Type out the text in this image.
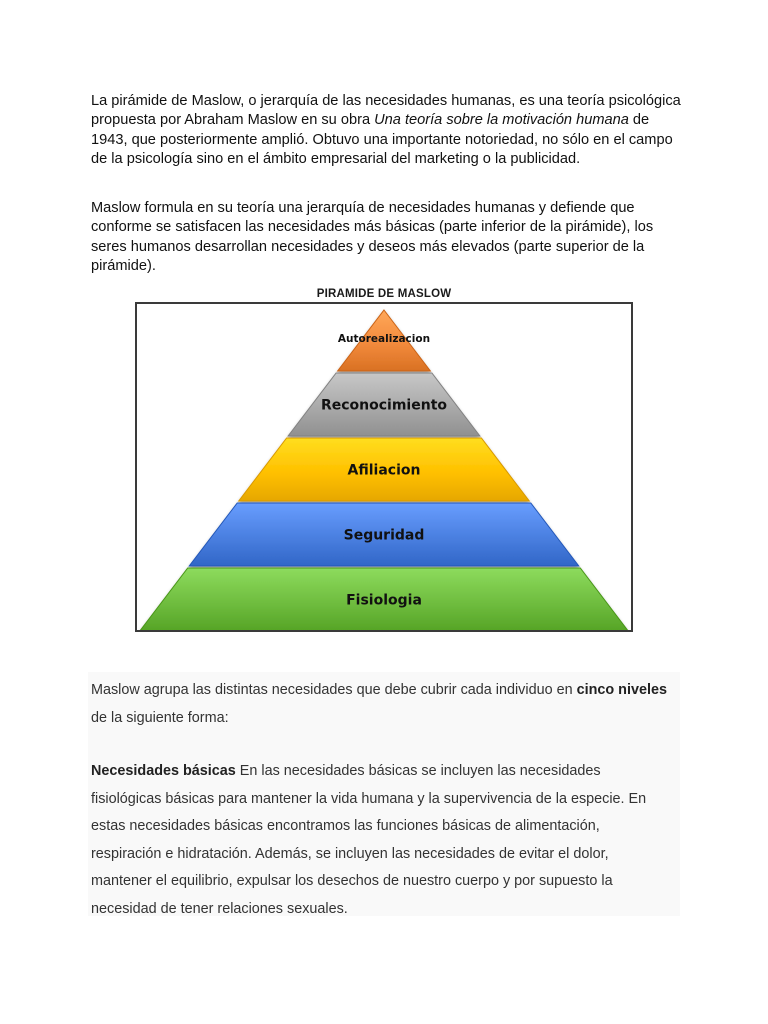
La pirámide de Maslow, o jerarquía de las necesidades humanas, es una teoría psicológica propuesta por Abraham Maslow en su obra Una teoría sobre la motivación humana de 1943, que posteriormente amplió. Obtuvo una importante notoriedad, no sólo en el campo de la psicología sino en el ámbito empresarial del marketing o la publicidad.

Maslow formula en su teoría una jerarquía de necesidades humanas y defiende que conforme se satisfacen las necesidades más básicas (parte inferior de la pirámide), los seres humanos desarrollan necesidades y deseos más elevados (parte superior de la pirámide).

PIRAMIDE DE MASLOW
Autorealizacion
Reconocimiento
Afiliacion
Seguridad
Fisiologia

Maslow agrupa las distintas necesidades que debe cubrir cada individuo en cinco niveles de la siguiente forma:

Necesidades básicas En las necesidades básicas se incluyen las necesidades fisiológicas básicas para mantener la vida humana y la supervivencia de la especie. En estas necesidades básicas encontramos las funciones básicas de alimentación, respiración e hidratación. Además, se incluyen las necesidades de evitar el dolor, mantener el equilibrio, expulsar los desechos de nuestro cuerpo y por supuesto la necesidad de tener relaciones sexuales.
